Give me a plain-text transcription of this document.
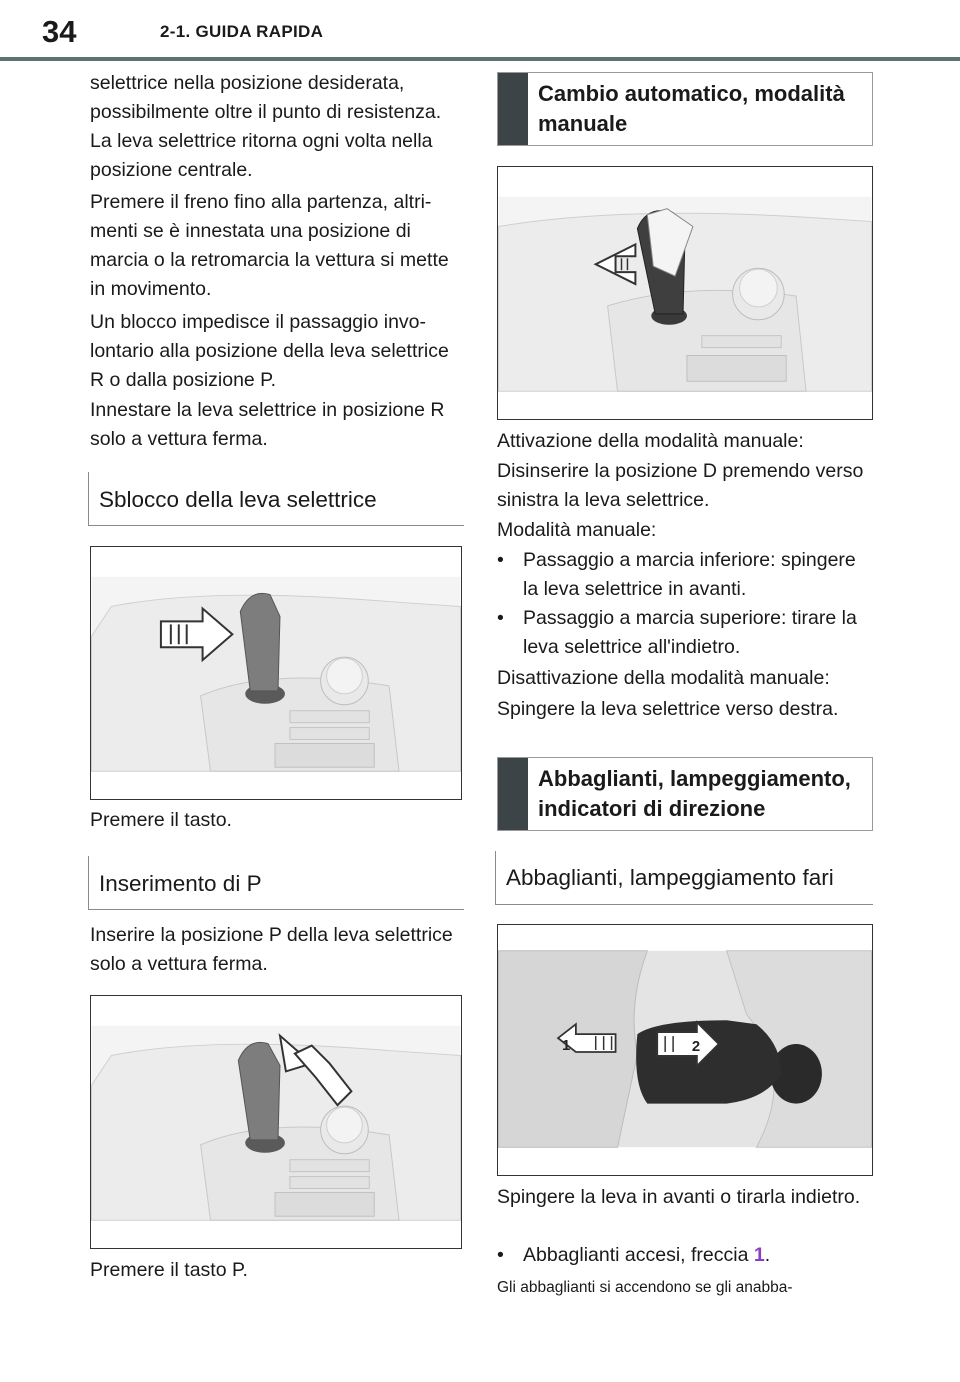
34	2-1. GUIDA RAPIDA

selettrice nella posizione desiderata, possibilmente oltre il punto di resistenza. La leva selettrice ritorna ogni volta nella posizione centrale.

Premere il freno fino alla partenza, altrimenti se è innestata una posizione di marcia o la retromarcia la vettura si mette in movimento.

Un blocco impedisce il passaggio involontario alla posizione della leva selettrice R o dalla posizione P.

Innestare la leva selettrice in posizione R solo a vettura ferma.

Sblocco della leva selettrice

Premere il tasto.

Inserimento di P

Inserire la posizione P della leva selettrice solo a vettura ferma.

Premere il tasto P.

Cambio automatico, modalità manuale

Attivazione della modalità manuale:

Disinserire la posizione D premendo verso sinistra la leva selettrice.

Modalità manuale:

• Passaggio a marcia inferiore: spingere la leva selettrice in avanti.
• Passaggio a marcia superiore: tirare la leva selettrice all'indietro.

Disattivazione della modalità manuale:

Spingere la leva selettrice verso destra.

Abbaglianti, lampeggiamento, indicatori di direzione
Abbaglianti, lampeggiamento fari
1	2

Spingere la leva in avanti o tirarla indietro.

• Abbaglianti accesi, freccia 1.

Gli abbaglianti si accendono se gli anabba-
